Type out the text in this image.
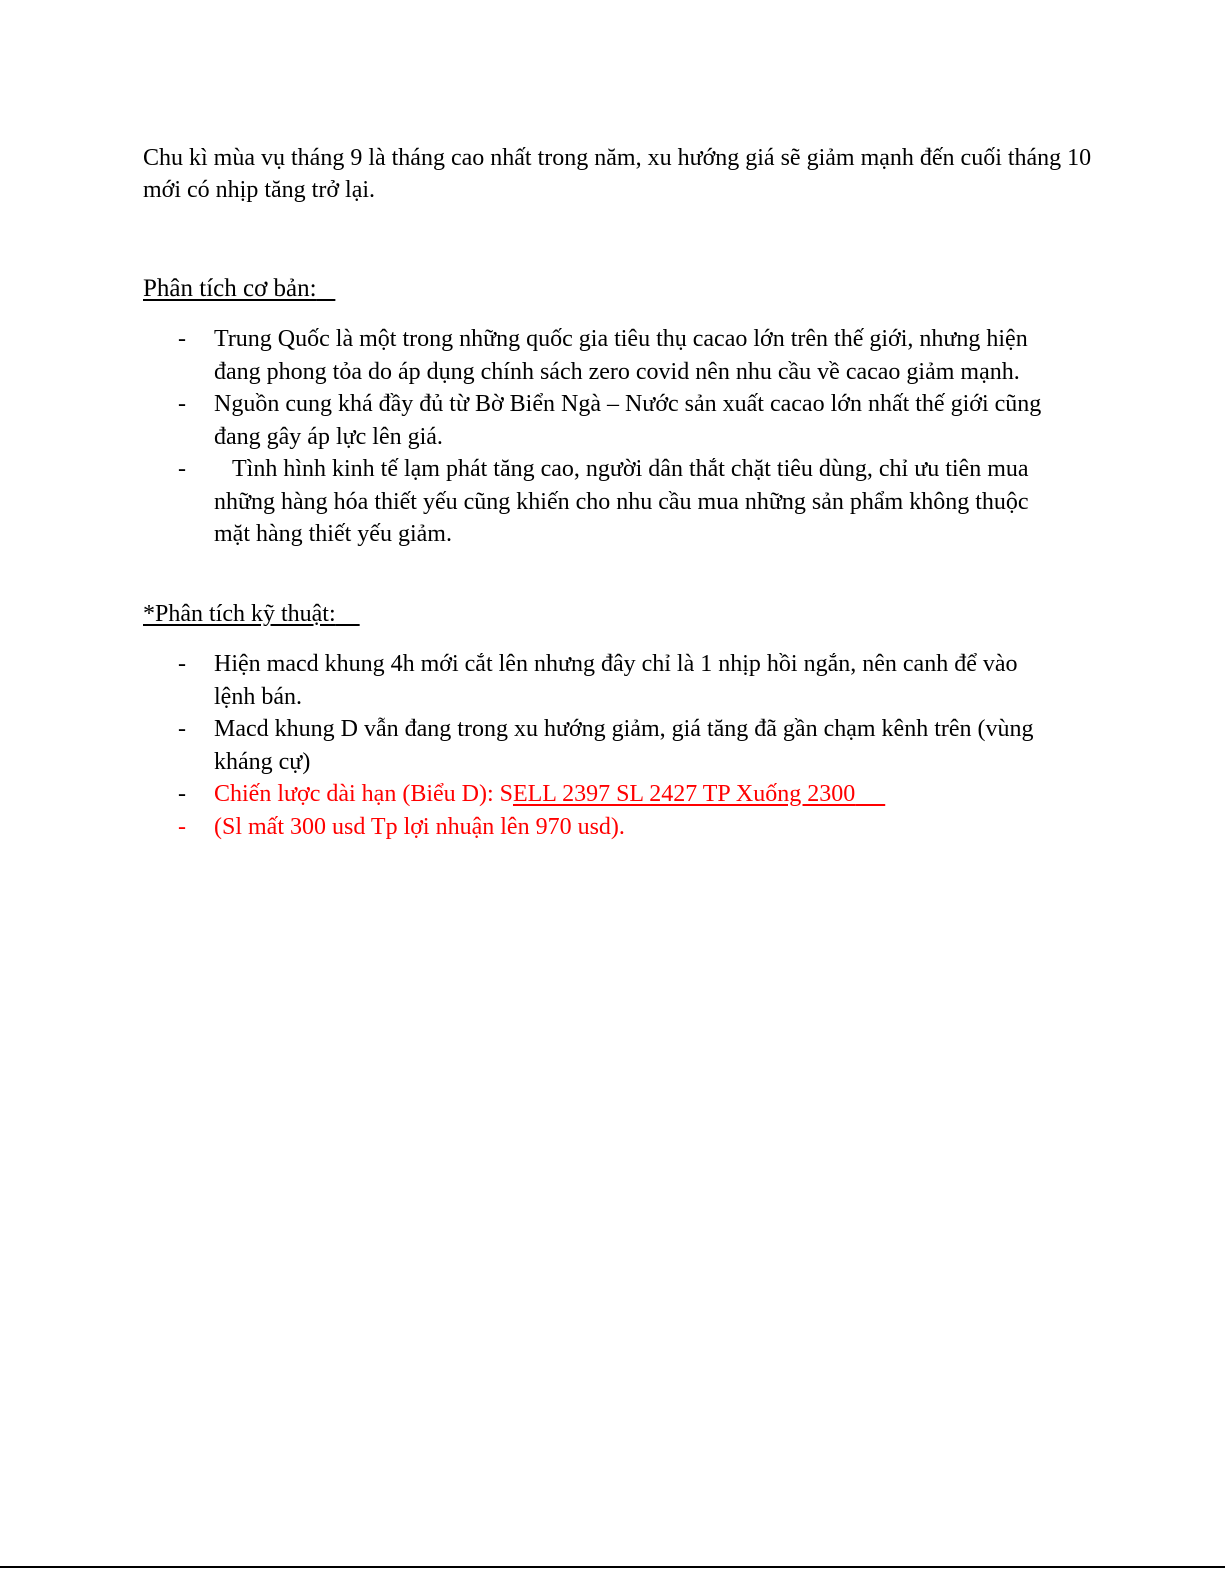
Chu kì mùa vụ tháng 9 là tháng cao nhất trong năm, xu hướng giá sẽ giảm mạnh đến cuối tháng 10 mới có nhịp tăng trở lại.

Phân tích cơ bản:
- Trung Quốc là một trong những quốc gia tiêu thụ cacao lớn trên thế giới, nhưng hiện đang phong tỏa do áp dụng chính sách zero covid nên nhu cầu về cacao giảm mạnh.
- Nguồn cung khá đầy đủ từ Bờ Biển Ngà – Nước sản xuất cacao lớn nhất thế giới cũng đang gây áp lực lên giá.
- Tình hình kinh tế lạm phát tăng cao, người dân thắt chặt tiêu dùng, chỉ ưu tiên mua những hàng hóa thiết yếu cũng khiến cho nhu cầu mua những sản phẩm không thuộc mặt hàng thiết yếu giảm.
*Phân tích kỹ thuật:
- Hiện macd khung 4h mới cắt lên nhưng đây chỉ là 1 nhịp hồi ngắn, nên canh để vào lệnh bán.
- Macd khung D vẫn đang trong xu hướng giảm, giá tăng đã gần chạm kênh trên (vùng kháng cự)
- Chiến lược dài hạn (Biểu D): SELL 2397 SL 2427 TP Xuống 2300
- (Sl mất 300 usd Tp lợi nhuận lên 970 usd).
